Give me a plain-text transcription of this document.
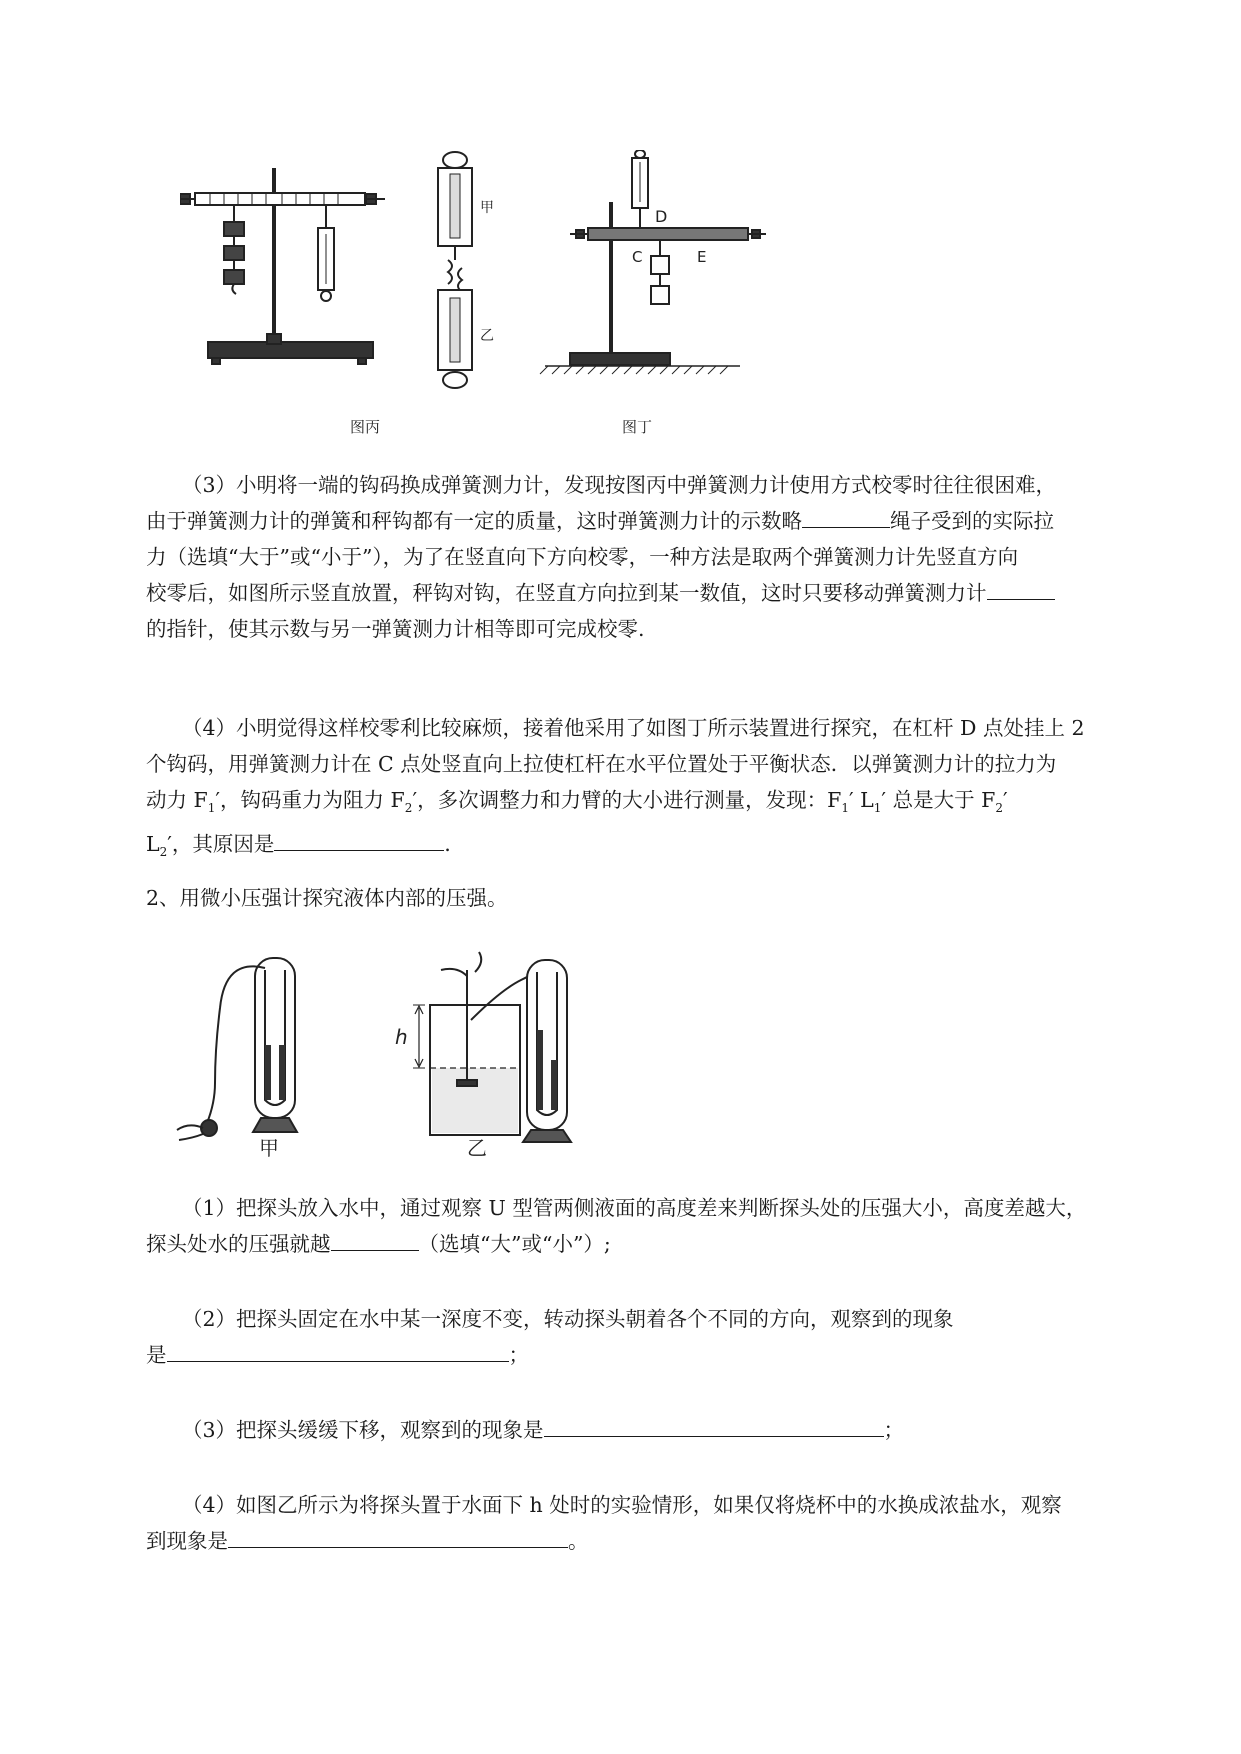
图丙
甲
乙
D
C	E
图丁

（3）小明将一端的钩码换成弹簧测力计，发现按图丙中弹簧测力计使用方式校零时往往很困难，

由于弹簧测力计的弹簧和秤钩都有一定的质量，这时弹簧测力计的示数略	绳子受到的实际拉

力（选填“大于”或“小于”），为了在竖直向下方向校零，一种方法是取两个弹簧测力计先竖直方向

校零后，如图所示竖直放置，秤钩对钩，在竖直方向拉到某一数值，这时只要移动弹簧测力计

的指针，使其示数与另一弹簧测力计相等即可完成校零.

（4）小明觉得这样校零利比较麻烦，接着他采用了如图丁所示装置进行探究，在杠杆 D 点处挂上 2

个钩码，用弹簧测力计在 C 点处竖直向上拉使杠杆在水平位置处于平衡状态．以弹簧测力计的拉力为

动力 $F_1'$，钩码重力为阻力 $F_2'$，多次调整力和力臂的大小进行测量，发现：$F_1'$ $L_1'$ 总是大于 $F_2'$

$L_2'$，其原因是	．

2、用微小压强计探究液体内部的压强。

甲
h
乙

（1）把探头放入水中，通过观察 U 型管两侧液面的高度差来判断探头处的压强大小，高度差越大，

探头处水的压强就越	（选填“大”或“小”）;

（2）把探头固定在水中某一深度不变，转动探头朝着各个不同的方向，观察到的现象

是	；

（3）把探头缓缓下移，观察到的现象是	；

（4）如图乙所示为将探头置于水面下 h 处时的实验情形，如果仅将烧杯中的水换成浓盐水，观察

到现象是	。
